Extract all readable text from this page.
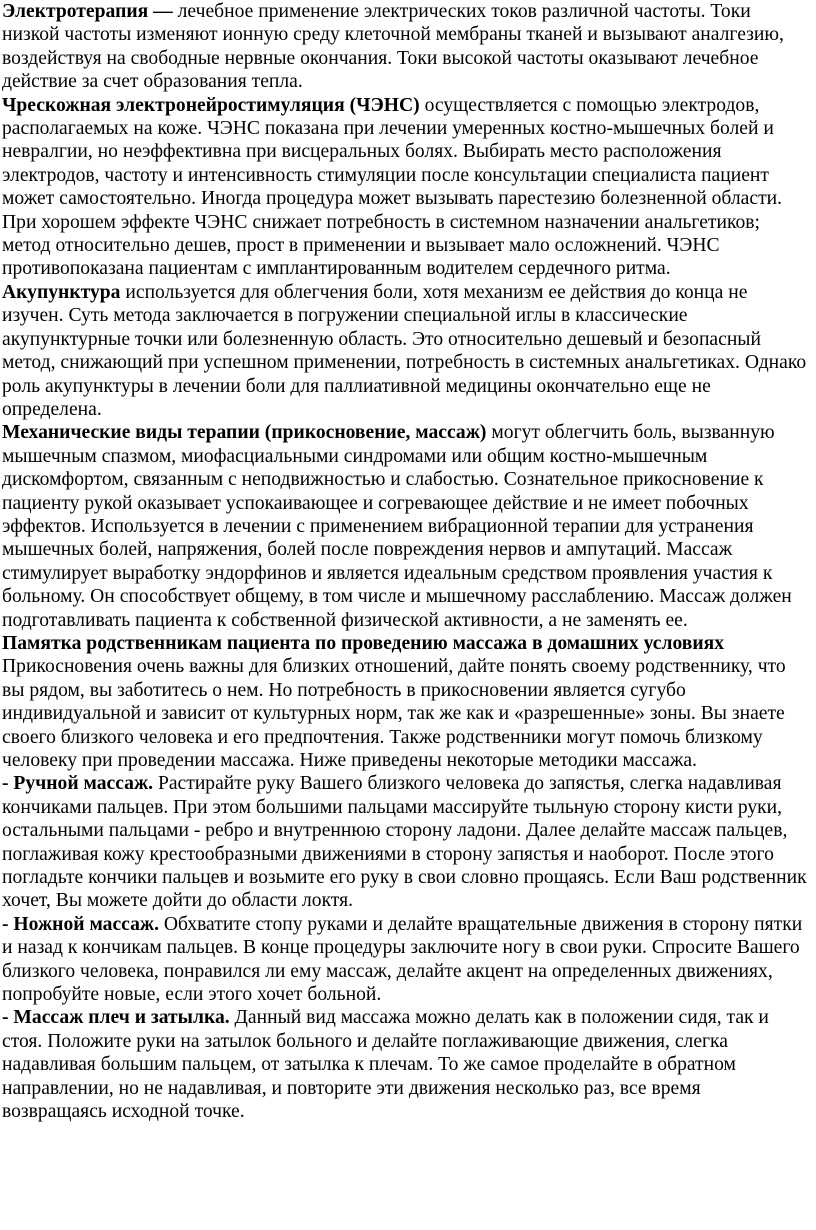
Электротерапия — лечебное применение электрических токов различной частоты. Токи низкой частоты изменяют ионную среду клеточной мембраны тканей и вызывают аналгезию, воздействуя на свободные нервные окончания. Токи высокой частоты оказывают лечебное действие за счет образования тепла.

Чрескожная электронейростимуляция (ЧЭНС) осуществляется с помощью электродов, располагаемых на коже. ЧЭНС показана при лечении умеренных костно-мышечных болей и невралгии, но неэффективна при висцеральных болях. Выбирать место расположения электродов, частоту и интенсивность стимуляции после консультации специалиста пациент может самостоятельно. Иногда процедура может вызывать парестезию болезненной области. При хорошем эффекте ЧЭНС снижает потребность в системном назначении анальгетиков; метод относительно дешев, прост в применении и вызывает мало осложнений. ЧЭНС противопоказана пациентам с имплантированным водителем сердечного ритма.

Акупунктура используется для облегчения боли, хотя механизм ее действия до конца не изучен. Суть метода заключается в погружении специальной иглы в классические акупунктурные точки или болезненную область. Это относительно дешевый и безопасный метод, снижающий при успешном применении, потребность в системных анальгетиках. Однако роль акупунктуры в лечении боли для паллиативной медицины окончательно еще не определена.

Механические виды терапии (прикосновение, массаж) могут облегчить боль, вызванную мышечным спазмом, миофасциальными синдромами или общим костно-мышечным дискомфортом, связанным с неподвижностью и слабостью. Сознательное прикосновение к пациенту рукой оказывает успокаивающее и согревающее действие и не имеет побочных эффектов. Используется в лечении с применением вибрационной терапии для устранения мышечных болей, напряжения, болей после повреждения нервов и ампутаций. Массаж стимулирует выработку эндорфинов и является идеальным средством проявления участия к больному. Он способствует общему, в том числе и мышечному расслаблению. Массаж должен подготавливать пациента к собственной физической активности, а не заменять ее.

Памятка родственникам пациента по проведению массажа в домашних условиях

Прикосновения очень важны для близких отношений, дайте понять своему родственнику, что вы рядом, вы заботитесь о нем. Но потребность в прикосновении является сугубо индивидуальной и зависит от культурных норм, так же как и «разрешенные» зоны. Вы знаете своего близкого человека и его предпочтения. Также родственники могут помочь близкому человеку при проведении массажа. Ниже приведены некоторые методики массажа.

- Ручной массаж. Растирайте руку Вашего близкого человека до запястья, слегка надавливая кончиками пальцев. При этом большими пальцами массируйте тыльную сторону кисти руки, остальными пальцами - ребро и внутреннюю сторону ладони. Далее делайте массаж пальцев, поглаживая кожу крестообразными движениями в сторону запястья и наоборот. После этого погладьте кончики пальцев и возьмите его руку в свои словно прощаясь. Если Ваш родственник хочет, Вы можете дойти до области локтя.

- Ножной массаж. Обхватите стопу руками и делайте вращательные движения в сторону пятки и назад к кончикам пальцев. В конце процедуры заключите ногу в свои руки. Спросите Вашего близкого человека, понравился ли ему массаж, делайте акцент на определенных движениях, попробуйте новые, если этого хочет больной.

- Массаж плеч и затылка. Данный вид массажа можно делать как в положении сидя, так и стоя. Положите руки на затылок больного и делайте поглаживающие движения, слегка надавливая большим пальцем, от затылка к плечам. То же самое проделайте в обратном направлении, но не надавливая, и повторите эти движения несколько раз, все время возвращаясь исходной точке.
